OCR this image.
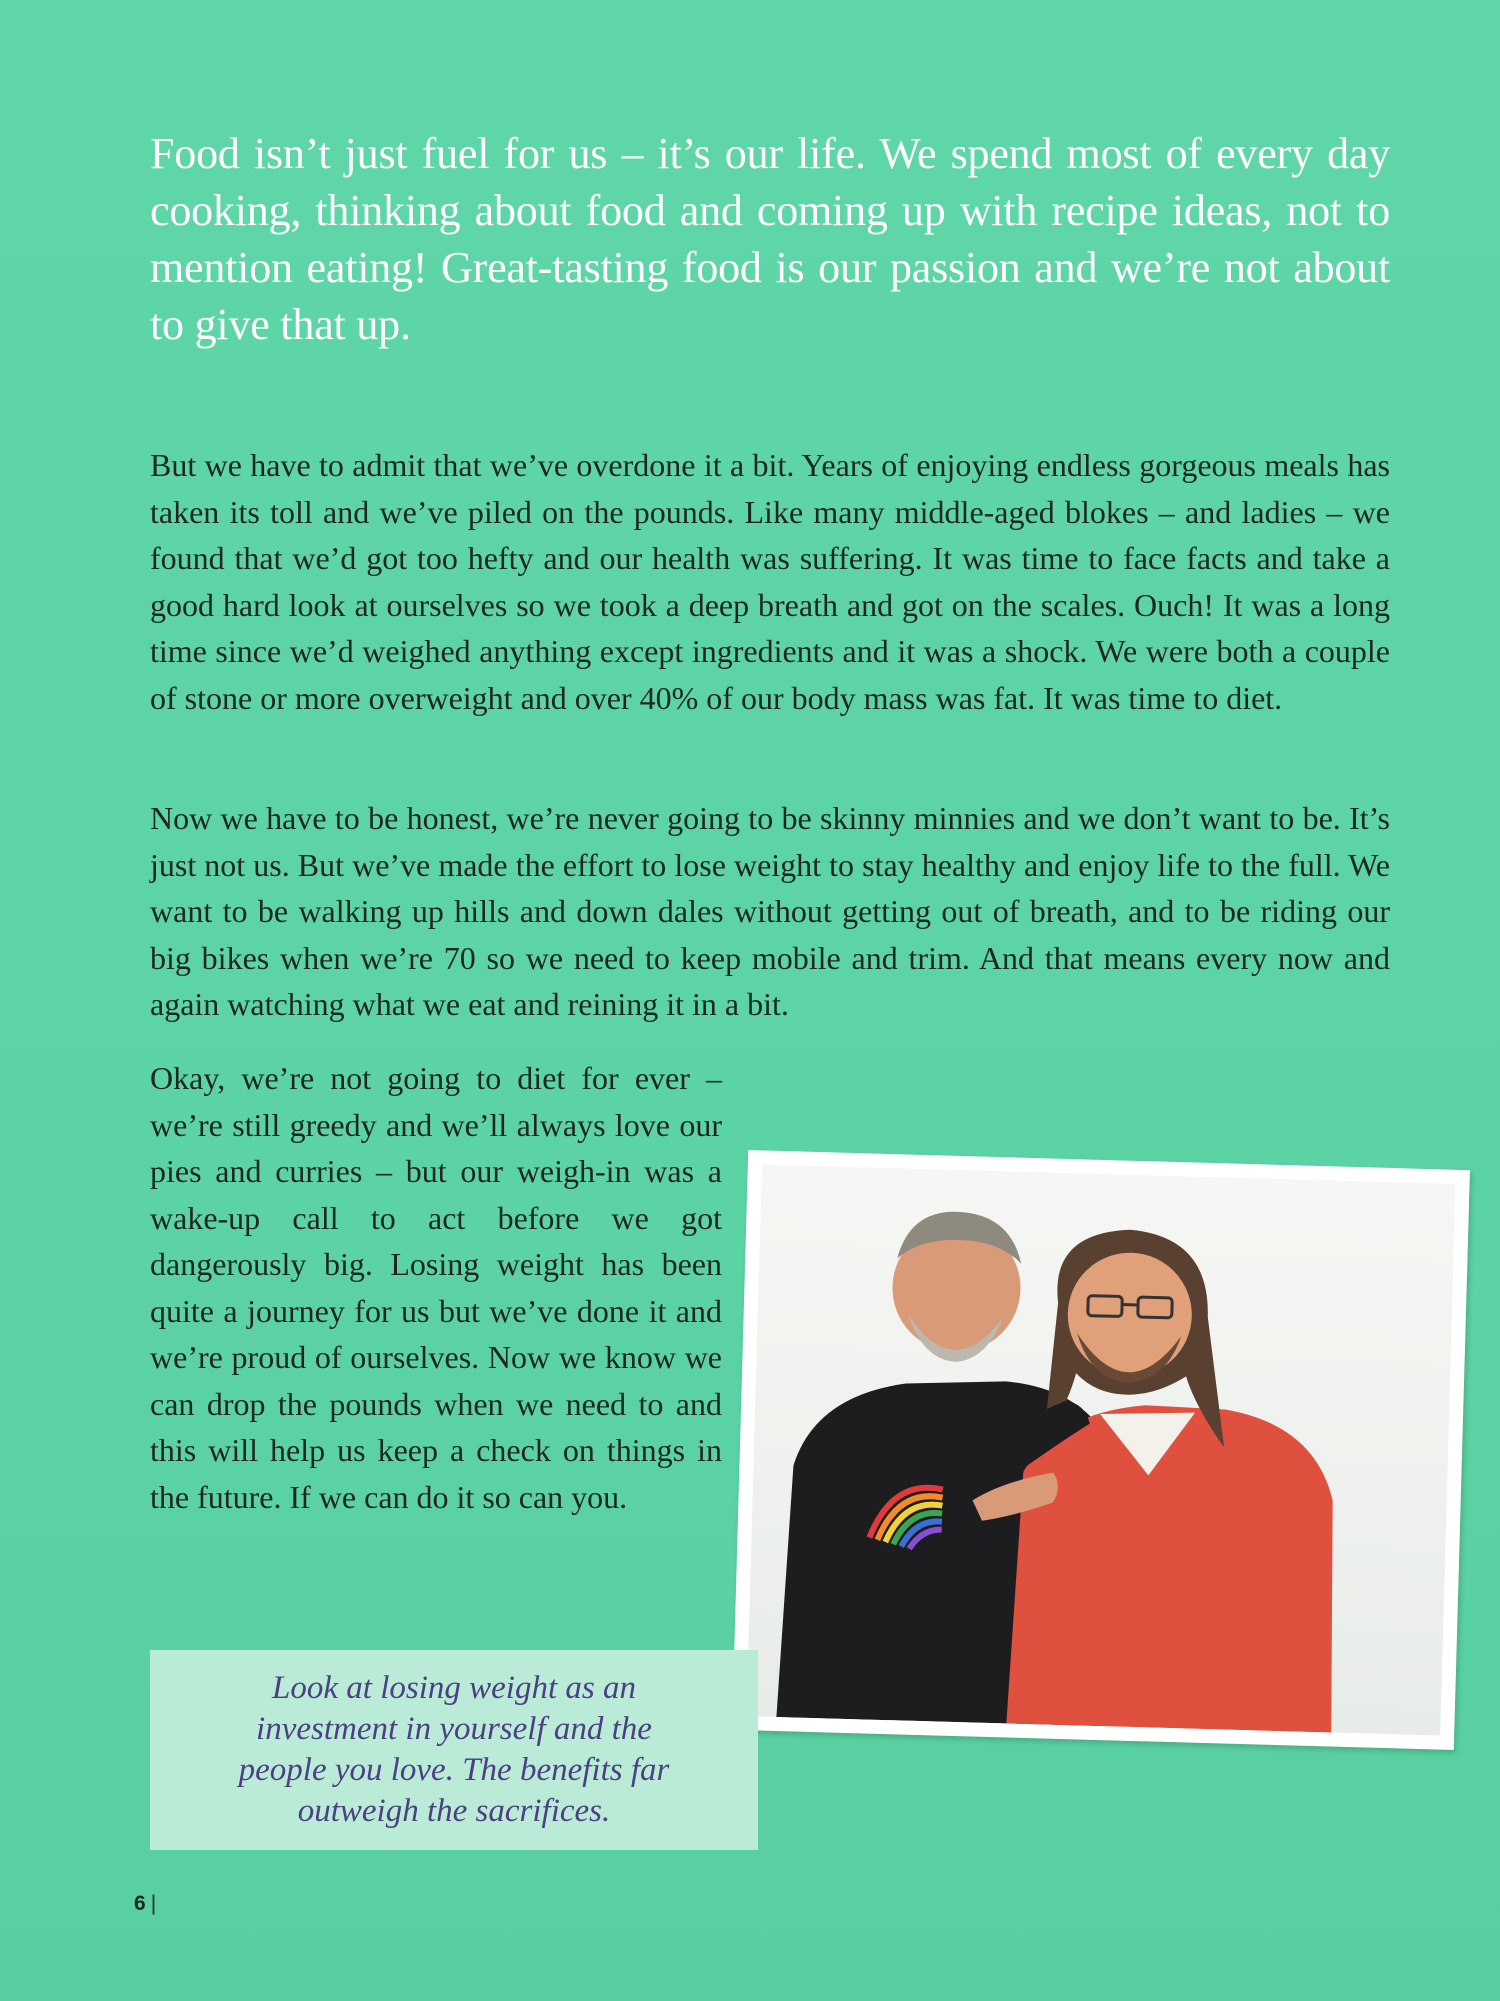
Food isn’t just fuel for us – it’s our life. We spend most of every day cooking, thinking about food and coming up with recipe ideas, not to mention eating! Great-tasting food is our passion and we’re not about to give that up.

But we have to admit that we’ve overdone it a bit. Years of enjoying endless gorgeous meals has taken its toll and we’ve piled on the pounds. Like many middle-aged blokes – and ladies – we found that we’d got too hefty and our health was suffering. It was time to face facts and take a good hard look at ourselves so we took a deep breath and got on the scales. Ouch! It was a long time since we’d weighed anything except ingredients and it was a shock. We were both a couple of stone or more overweight and over 40% of our body mass was fat. It was time to diet.

Now we have to be honest, we’re never going to be skinny minnies and we don’t want to be. It’s just not us. But we’ve made the effort to lose weight to stay healthy and enjoy life to the full. We want to be walking up hills and down dales without getting out of breath, and to be riding our big bikes when we’re 70 so we need to keep mobile and trim. And that means every now and again watching what we eat and reining it in a bit.

Okay, we’re not going to diet for ever – we’re still greedy and we’ll always love our pies and curries – but our weigh-in was a wake-up call to act before we got dangerously big. Losing weight has been quite a journey for us but we’ve done it and we’re proud of ourselves. Now we know we can drop the pounds when we need to and this will help us keep a check on things in the future. If we can do it so can you.

Look at losing weight as an investment in yourself and the people you love. The benefits far outweigh the sacrifices.

6 |
